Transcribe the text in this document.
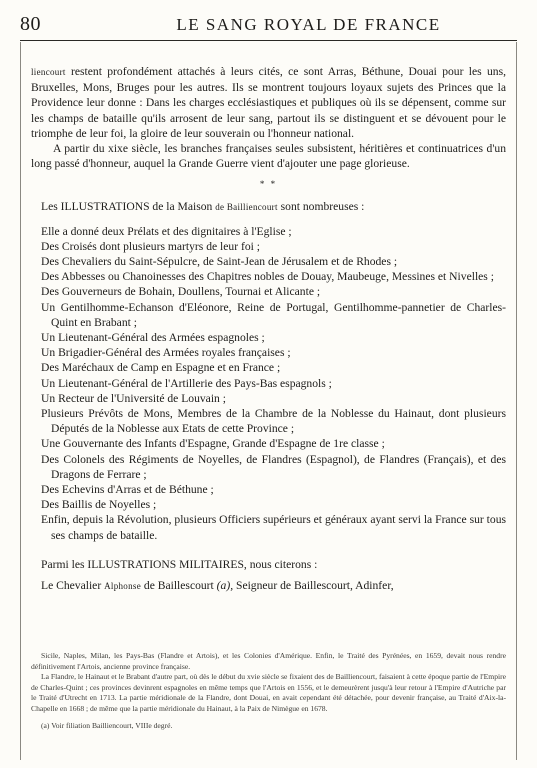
80	LE SANG ROYAL DE FRANCE

liencourt restent profondément attachés à leurs cités, ce sont Arras, Béthune, Douai pour les uns, Bruxelles, Mons, Bruges pour les autres. Ils se montrent toujours loyaux sujets des Princes que la Providence leur donne : Dans les charges ecclésiastiques et publiques où ils se dépensent, comme sur les champs de bataille qu'ils arrosent de leur sang, partout ils se distinguent et se dévouent pour le triomphe de leur foi, la gloire de leur souverain ou l'honneur national.

A partir du xixe siècle, les branches françaises seules subsistent, héritières et continuatrices d'un long passé d'honneur, auquel la Grande Guerre vient d'ajouter une page glorieuse.

* *

Les ILLUSTRATIONS de la Maison de Bailliencourt sont nombreuses :

Elle a donné deux Prélats et des dignitaires à l'Eglise ;

Des Croisés dont plusieurs martyrs de leur foi ;

Des Chevaliers du Saint-Sépulcre, de Saint-Jean de Jérusalem et de Rhodes ;

Des Abbesses ou Chanoinesses des Chapitres nobles de Douay, Maubeuge, Messines et Nivelles ;

Des Gouverneurs de Bohain, Doullens, Tournai et Alicante ;

Un Gentilhomme-Echanson d'Eléonore, Reine de Portugal, Gentilhomme-pannetier de Charles-Quint en Brabant ;

Un Lieutenant-Général des Armées espagnoles ;

Un Brigadier-Général des Armées royales françaises ;

Des Maréchaux de Camp en Espagne et en France ;

Un Lieutenant-Général de l'Artillerie des Pays-Bas espagnols ;

Un Recteur de l'Université de Louvain ;

Plusieurs Prévôts de Mons, Membres de la Chambre de la Noblesse du Hainaut, dont plusieurs Députés de la Noblesse aux Etats de cette Province ;

Une Gouvernante des Infants d'Espagne, Grande d'Espagne de 1re classe ;

Des Colonels des Régiments de Noyelles, de Flandres (Espagnol), de Flandres (Français), et des Dragons de Ferrare ;

Des Echevins d'Arras et de Béthune ;

Des Baillis de Noyelles ;

Enfin, depuis la Révolution, plusieurs Officiers supérieurs et généraux ayant servi la France sur tous ses champs de bataille.

Parmi les ILLUSTRATIONS MILITAIRES, nous citerons :

Le Chevalier Alphonse de Baillescourt (a), Seigneur de Baillescourt, Adinfer,

Sicile, Naples, Milan, les Pays-Bas (Flandre et Artois), et les Colonies d'Amérique. Enfin, le Traité des Pyrénées, en 1659, devait nous rendre définitivement l'Artois, ancienne province française.

La Flandre, le Hainaut et le Brabant d'autre part, où dès le début du xvie siècle se fixaient des de Bailliencourt, faisaient à cette époque partie de l'Empire de Charles-Quint ; ces provinces devinrent espagnoles en même temps que l'Artois en 1556, et le demeurèrent jusqu'à leur retour à l'Empire d'Autriche par le Traité d'Utrecht en 1713. La partie méridionale de la Flandre, dont Douai, en avait cependant été détachée, pour devenir française, au Traité d'Aix-la-Chapelle en 1668 ; de même que la partie méridionale du Hainaut, à la Paix de Nimègue en 1678.

(a) Voir filiation Bailliencourt, VIIIe degré.
